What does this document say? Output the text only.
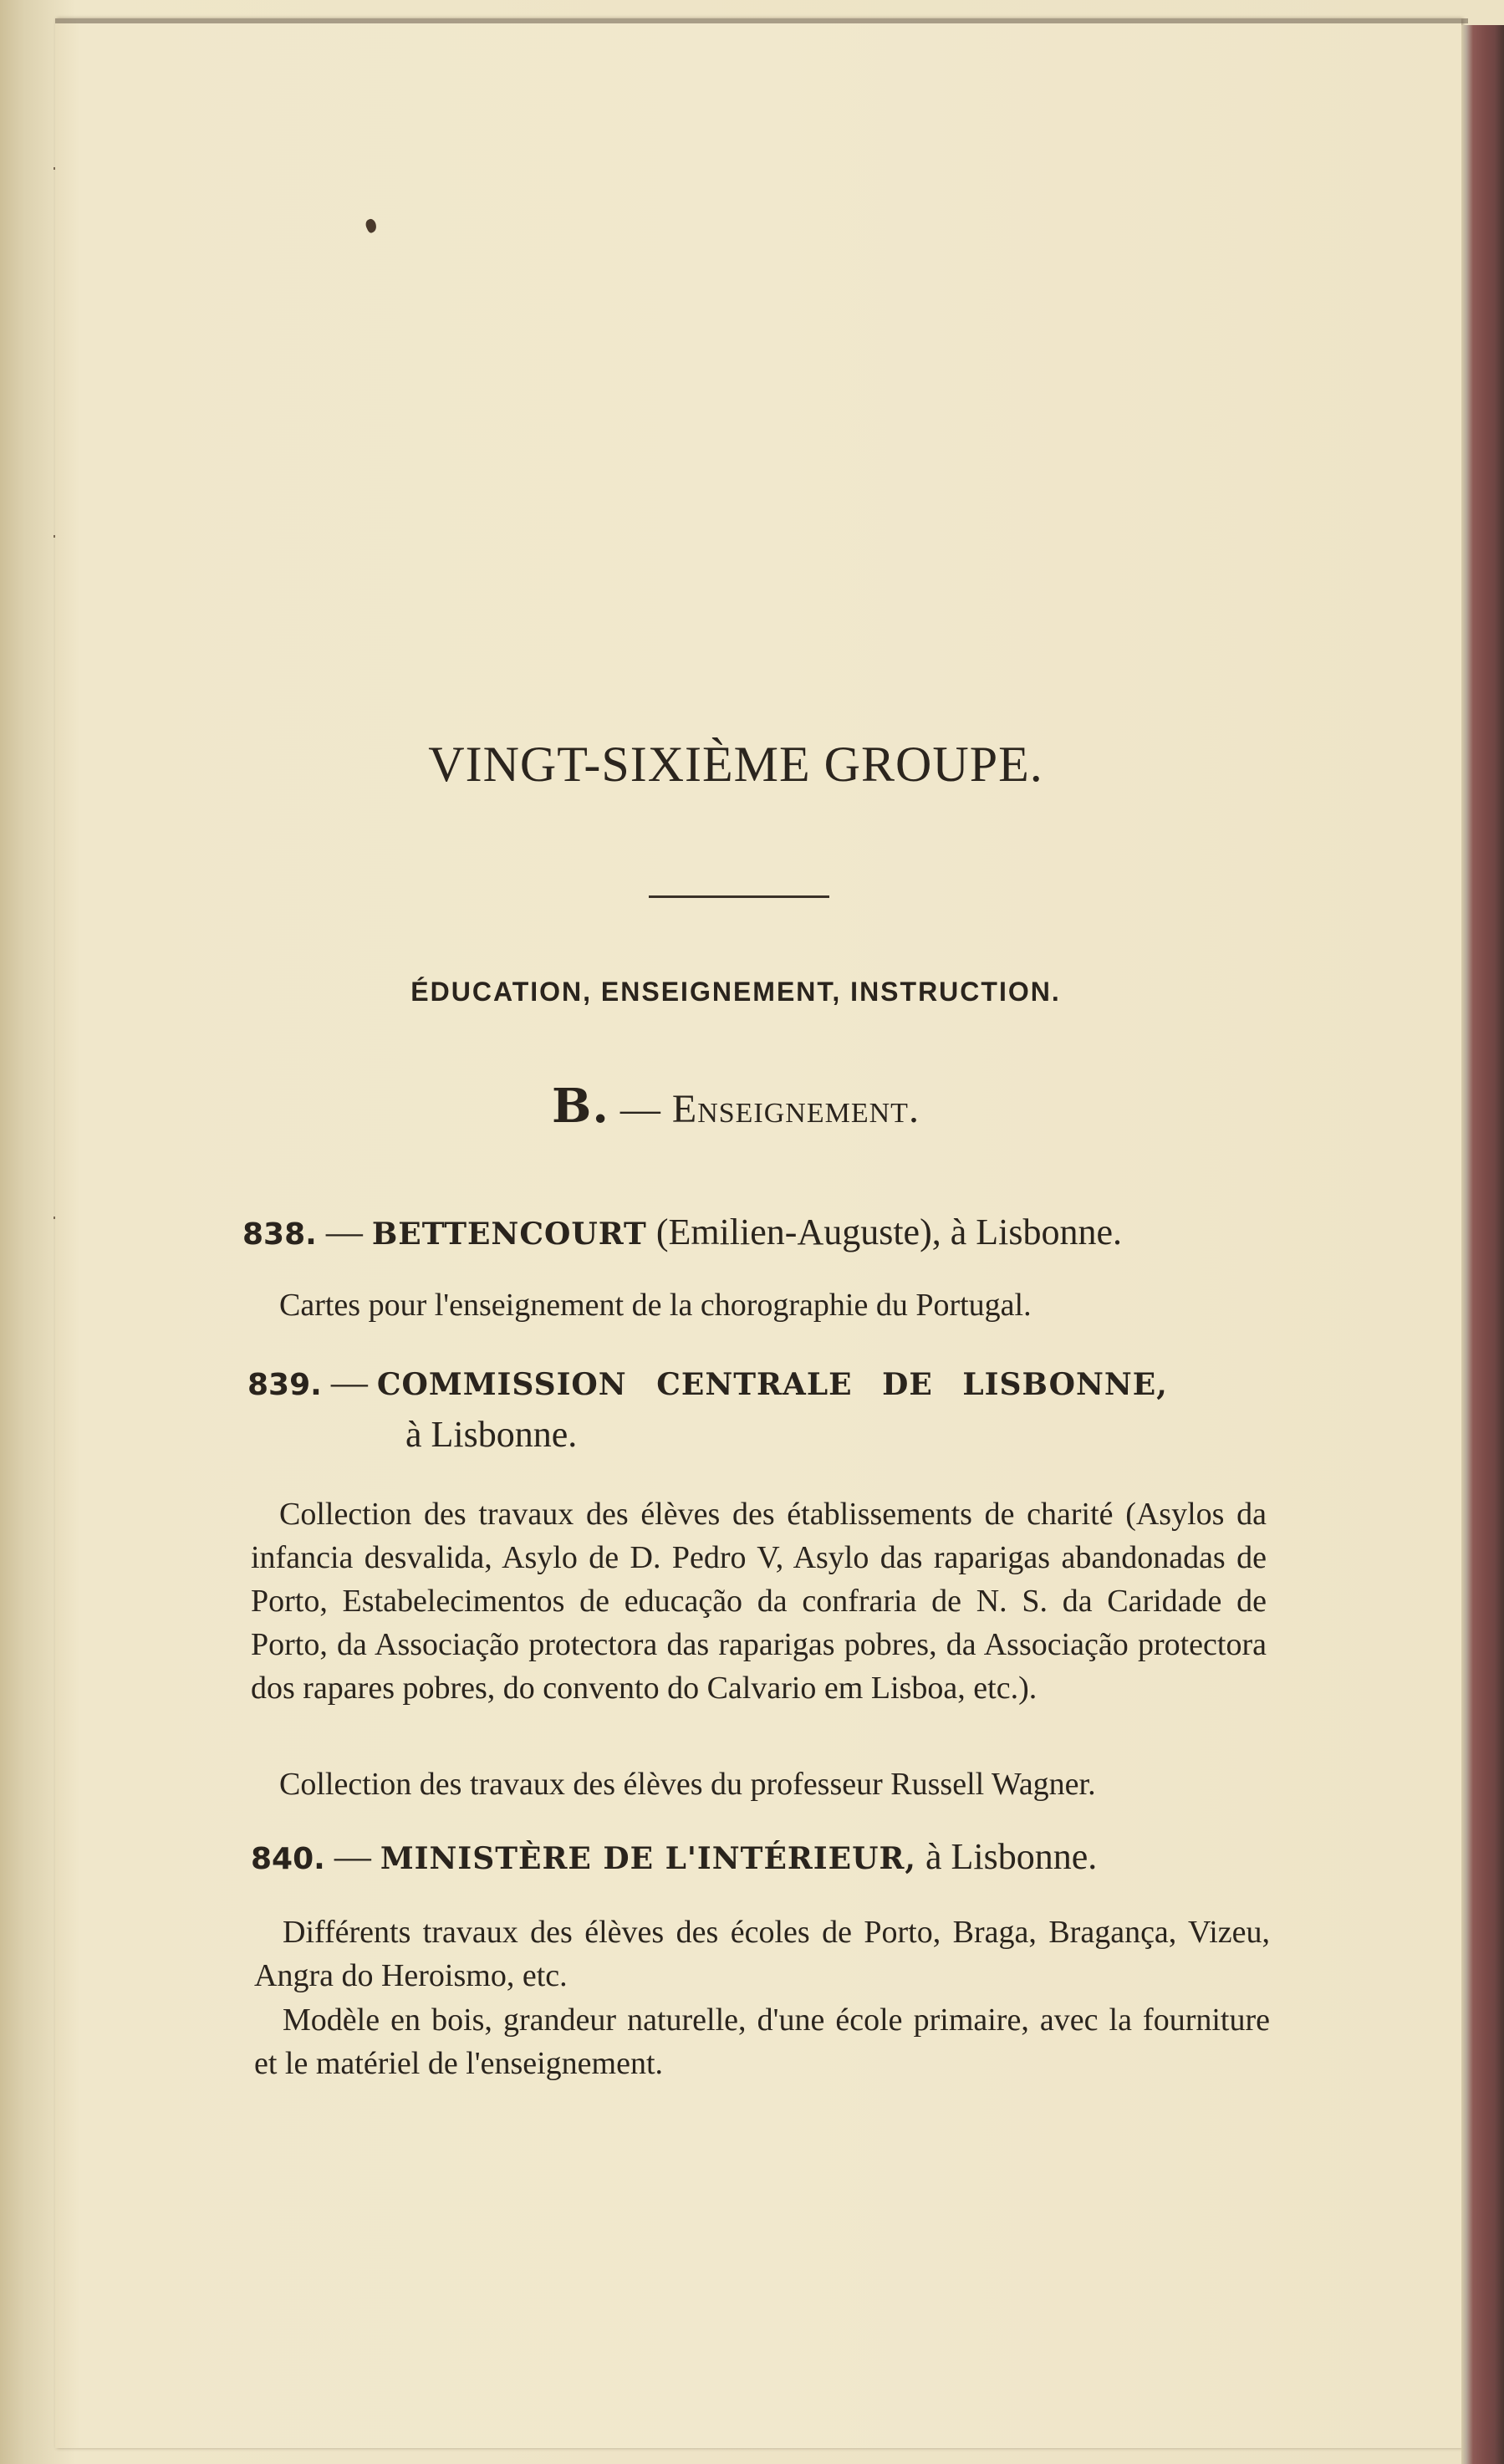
VINGT-SIXIÈME GROUPE.
ÉDUCATION, ENSEIGNEMENT, INSTRUCTION.
B. — Enseignement.
838. — BETTENCOURT (Emilien-Auguste), à Lisbonne.
Cartes pour l'enseignement de la chorographie du Portugal.
839. — COMMISSION CENTRALE DE LISBONNE,
à Lisbonne.
Collection des travaux des élèves des établissements de charité (Asylos da infancia desvalida, Asylo de D. Pedro V, Asylo das raparigas abandonadas de Porto, Estabelecimentos de educação da confraria de N. S. da Caridade de Porto, da Associação protectora das raparigas pobres, da Associação protectora dos rapares pobres, do convento do Calvario em Lisboa, etc.).
Collection des travaux des élèves du professeur Russell Wagner.
840. — MINISTÈRE DE L'INTÉRIEUR, à Lisbonne.
Différents travaux des élèves des écoles de Porto, Braga, Bragança, Vizeu, Angra do Heroismo, etc.
Modèle en bois, grandeur naturelle, d'une école primaire, avec la fourniture et le matériel de l'enseignement.
